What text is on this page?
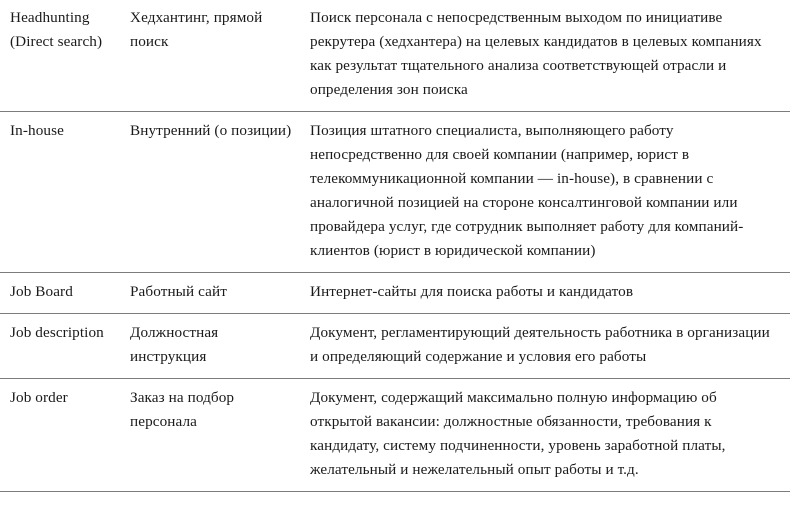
Headhunting (Direct search)	Хедхантинг, прямой поиск	Поиск персонала с непосредственным выходом по инициативе рекрутера (хедхантера) на целевых кандидатов в целевых компаниях как результат тщательного анализа соответствующей отрасли и определения зон поиска

In-house	Внутренний (о позиции)	Позиция штатного специалиста, выполняющего работу непосредственно для своей компании (например, юрист в телекоммуникационной компании — in-house), в сравнении с аналогичной позицией на стороне консалтинговой компании или провайдера услуг, где сотрудник выполняет работу для компаний-клиентов (юрист в юридической компании)

Job Board	Работный сайт	Интернет-сайты для поиска работы и кандидатов

Job description	Должностная инструкция	Документ, регламентирующий деятельность работника в организации и определяющий содержание и условия его работы

Job order	Заказ на подбор персонала	Документ, содержащий максимально полную информацию об открытой вакансии: должностные обязанности, требования к кандидату, систему подчиненности, уровень заработной платы, желательный и нежелательный опыт работы и т.д.
